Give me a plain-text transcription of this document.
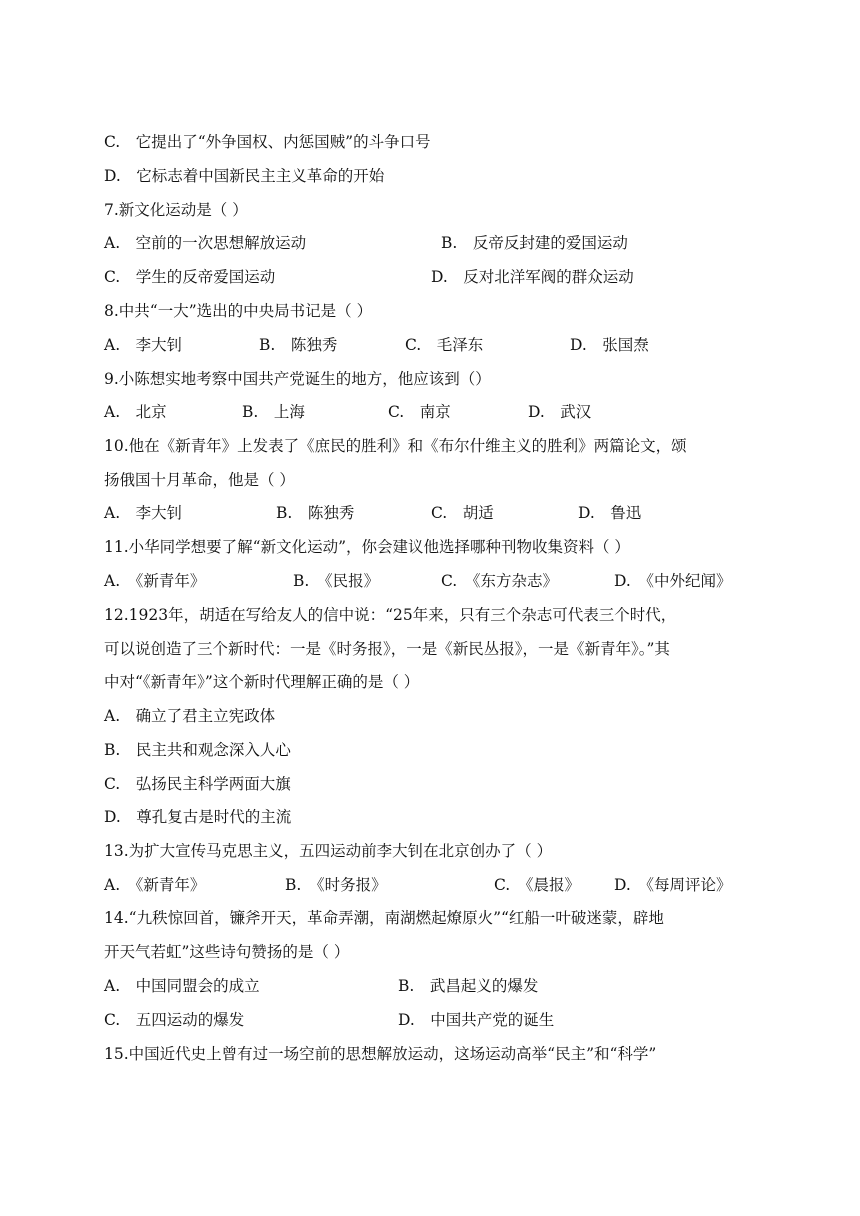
C.　它提出了“外争国权、内惩国贼”的斗争口号
D.　它标志着中国新民主主义革命的开始
7.新文化运动是（ ）
A.　空前的一次思想解放运动	B.　反帝反封建的爱国运动
C.　学生的反帝爱国运动	D.　反对北洋军阀的群众运动
8.中共“一大”选出的中央局书记是（ ）
A.　李大钊	B.　陈独秀	C.　毛泽东	D.　张国焘
9.小陈想实地考察中国共产党诞生的地方，他应该到（）
A.　北京	B.　上海	C.　南京	D.　武汉
10.他在《新青年》上发表了《庶民的胜利》和《布尔什维主义的胜利》两篇论文，颂
扬俄国十月革命，他是（ ）
A.　李大钊	B.　陈独秀	C.　胡适	D.　鲁迅
11.小华同学想要了解“新文化运动”，你会建议他选择哪种刊物收集资料（ ）
A.　《新青年》	B.　《民报》	C.　《东方杂志》	D.　《中外纪闻》
12.1923年，胡适在写给友人的信中说：“25年来，只有三个杂志可代表三个时代，
可以说创造了三个新时代：一是《时务报》，一是《新民丛报》，一是《新青年》。”其
中对“《新青年》”这个新时代理解正确的是（ ）
A.　确立了君主立宪政体
B.　民主共和观念深入人心
C.　弘扬民主科学两面大旗
D.　尊孔复古是时代的主流
13.为扩大宣传马克思主义，五四运动前李大钊在北京创办了（ ）
A.　《新青年》	B.　《时务报》	C.　《晨报》 D.　《每周评论》
14.“九秩惊回首，镰斧开天，革命弄潮，南湖燃起燎原火”“红船一叶破迷蒙，辟地
开天气若虹”这些诗句赞扬的是（ ）
A.　中国同盟会的成立	B.　武昌起义的爆发
C.　五四运动的爆发	D.　中国共产党的诞生
15.中国近代史上曾有过一场空前的思想解放运动，这场运动高举“民主”和“科学”
